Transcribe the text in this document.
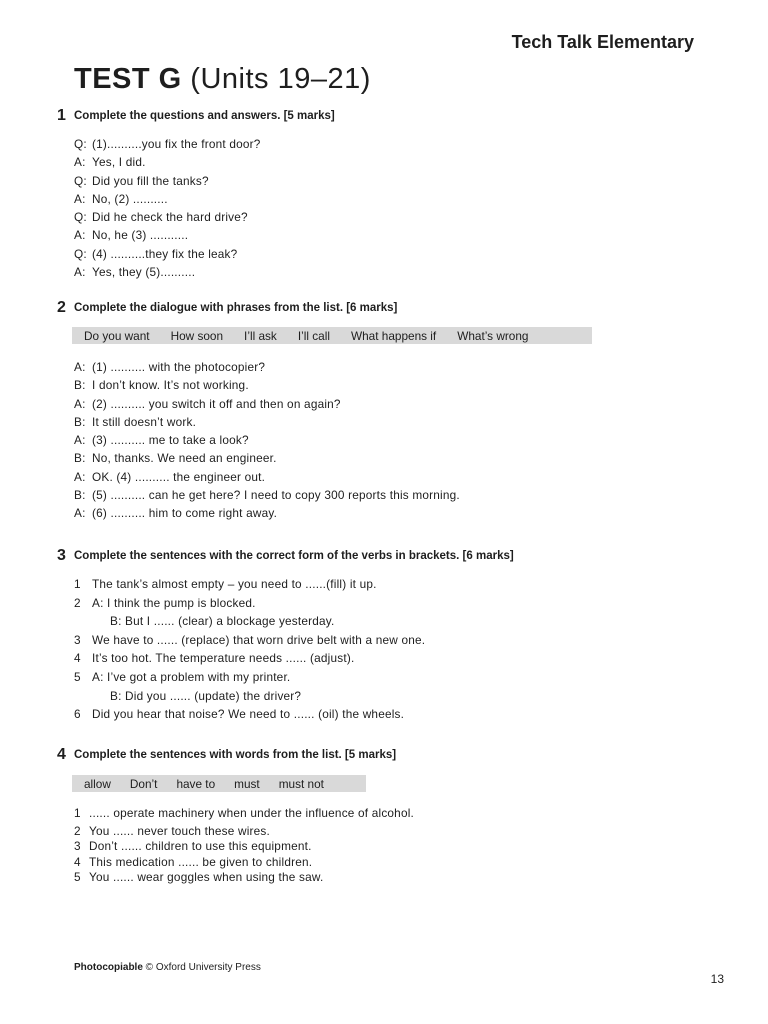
Tech Talk Elementary
TEST G (Units 19–21)
1 Complete the questions and answers. [5 marks]
Q: (1)..........you fix the front door?
A: Yes, I did.
Q: Did you fill the tanks?
A: No, (2) ..........
Q: Did he check the hard drive?
A: No, he (3) ...........
Q: (4) ..........they fix the leak?
A: Yes, they (5)..........
2 Complete the dialogue with phrases from the list. [6 marks]
Do you want How soon I’ll ask I’ll call What happens if What’s wrong
A: (1) .......... with the photocopier?
B: I don’t know. It’s not working.
A: (2) .......... you switch it off and then on again?
B: It still doesn’t work.
A: (3) .......... me to take a look?
B: No, thanks. We need an engineer.
A: OK. (4) .......... the engineer out.
B: (5) .......... can he get here? I need to copy 300 reports this morning.
A: (6) .......... him to come right away.
3 Complete the sentences with the correct form of the verbs in brackets. [6 marks]
1 The tank’s almost empty – you need to ......(fill) it up.
2 A: I think the pump is blocked.
B: But I ...... (clear) a blockage yesterday.
3 We have to ...... (replace) that worn drive belt with a new one.
4 It’s too hot. The temperature needs ...... (adjust).
5 A: I’ve got a problem with my printer.
B: Did you ...... (update) the driver?
6 Did you hear that noise? We need to ...... (oil) the wheels.
4 Complete the sentences with words from the list. [5 marks]
allow Don’t have to must must not
1 ...... operate machinery when under the influence of alcohol.
2 You ...... never touch these wires.
3 Don’t ...... children to use this equipment.
4 This medication ...... be given to children.
5 You ...... wear goggles when using the saw.
Photocopiable © Oxford University Press
13
